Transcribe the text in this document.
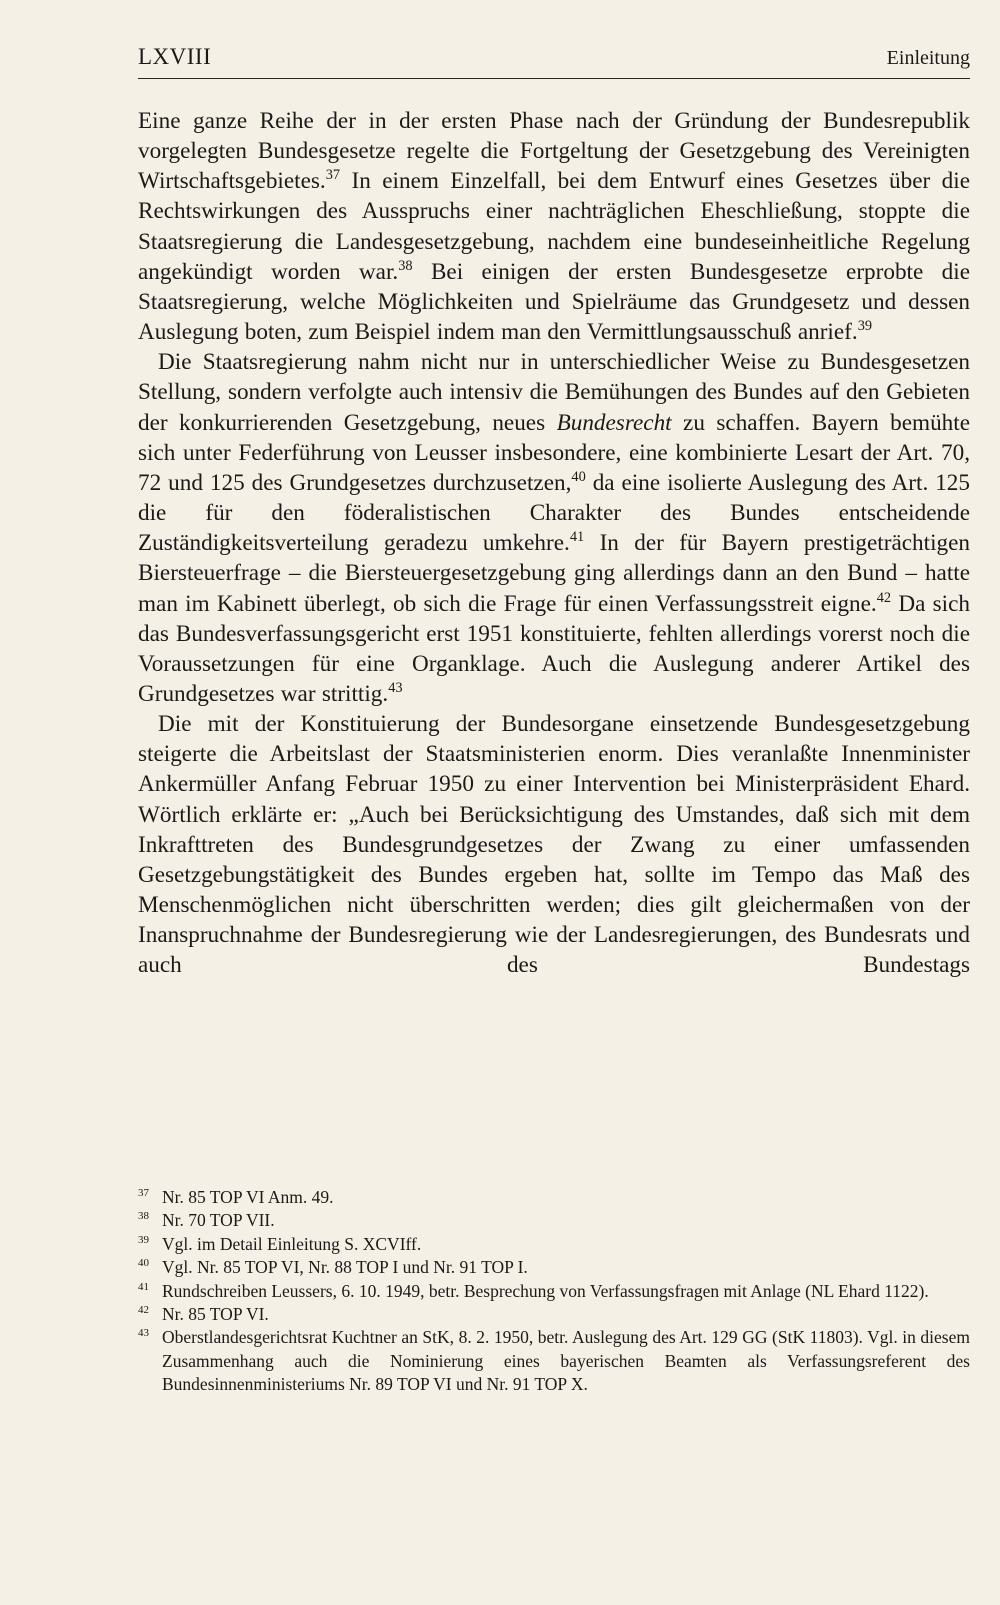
LXVIII	Einleitung

Eine ganze Reihe der in der ersten Phase nach der Gründung der Bundesrepublik vorgelegten Bundesgesetze regelte die Fortgeltung der Gesetzgebung des Vereinigten Wirtschaftsgebietes.$^{37}$ In einem Einzelfall, bei dem Entwurf eines Gesetzes über die Rechtswirkungen des Ausspruchs einer nachträglichen Eheschließung, stoppte die Staatsregierung die Landesgesetzgebung, nachdem eine bundeseinheitliche Regelung angekündigt worden war.$^{38}$ Bei einigen der ersten Bundesgesetze erprobte die Staatsregierung, welche Möglichkeiten und Spielräume das Grundgesetz und dessen Auslegung boten, zum Beispiel indem man den Vermittlungsausschuß anrief.$^{39}$

Die Staatsregierung nahm nicht nur in unterschiedlicher Weise zu Bundesgesetzen Stellung, sondern verfolgte auch intensiv die Bemühungen des Bundes auf den Gebieten der konkurrierenden Gesetzgebung, neues Bundesrecht zu schaffen. Bayern bemühte sich unter Federführung von Leusser insbesondere, eine kombinierte Lesart der Art. 70, 72 und 125 des Grundgesetzes durchzusetzen,$^{40}$ da eine isolierte Auslegung des Art. 125 die für den föderalistischen Charakter des Bundes entscheidende Zuständigkeitsverteilung geradezu umkehre.$^{41}$ In der für Bayern prestigeträchtigen Biersteuerfrage – die Biersteuergesetzgebung ging allerdings dann an den Bund – hatte man im Kabinett überlegt, ob sich die Frage für einen Verfassungsstreit eigne.$^{42}$ Da sich das Bundesverfassungsgericht erst 1951 konstituierte, fehlten allerdings vorerst noch die Voraussetzungen für eine Organklage. Auch die Auslegung anderer Artikel des Grundgesetzes war strittig.$^{43}$

Die mit der Konstituierung der Bundesorgane einsetzende Bundesgesetzgebung steigerte die Arbeitslast der Staatsministerien enorm. Dies veranlaßte Innenminister Ankermüller Anfang Februar 1950 zu einer Intervention bei Ministerpräsident Ehard. Wörtlich erklärte er: „Auch bei Berücksichtigung des Umstandes, daß sich mit dem Inkrafttreten des Bundesgrundgesetzes der Zwang zu einer umfassenden Gesetzgebungstätigkeit des Bundes ergeben hat, sollte im Tempo das Maß des Menschenmöglichen nicht überschritten werden; dies gilt gleichermaßen von der Inanspruchnahme der Bundesregierung wie der Landesregierungen, des Bundesrats und auch des Bundestags

37 Nr. 85 TOP VI Anm. 49.
38 Nr. 70 TOP VII.
39 Vgl. im Detail Einleitung S. XCVIff.
40 Vgl. Nr. 85 TOP VI, Nr. 88 TOP I und Nr. 91 TOP I.
41 Rundschreiben Leussers, 6. 10. 1949, betr. Besprechung von Verfassungsfragen mit Anlage (NL Ehard 1122).
42 Nr. 85 TOP VI.
43 Oberstlandesgerichtsrat Kuchtner an StK, 8. 2. 1950, betr. Auslegung des Art. 129 GG (StK 11803). Vgl. in diesem Zusammenhang auch die Nominierung eines bayerischen Beamten als Verfassungsreferent des Bundesinnenministeriums Nr. 89 TOP VI und Nr. 91 TOP X.
